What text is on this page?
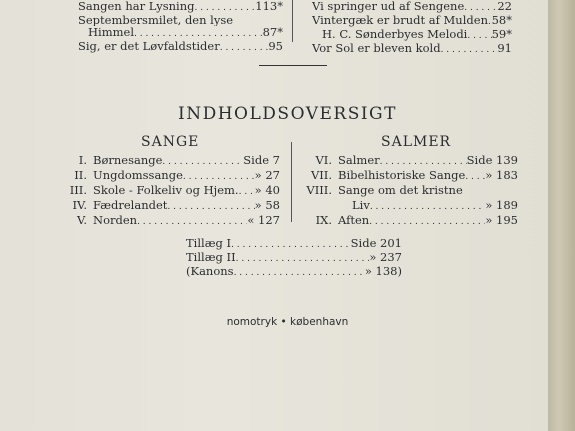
Sangen har Lysning . . .	113*
Septembersmilet, den lyse
Himmel . . .	87*
Sig, er det Løvfaldstider . . .	95
Vi springer ud af Sengene . . .	22
Vintergæk er brudt af Mulden . . . 58*
H. C. Sønderbyes Melodi . . . 59*
Vor Sol er bleven kold . . .	91
INDHOLDSOVERSIGT
SANGE	SALMER
I. Børnesange . . .	Side 7
II. Ungdomssange . . .	» 27
III. Skole - Folkeliv og Hjem. . . . » 40
IV. Fædrelandet . . .	» 58
V. Norden . . .	« 127
VI. Salmer . . .	Side 139
VII. Bibelhistoriske Sange . . . » 183
VIII. Sange om det kristne
Liv . . .	» 189
IX. Aften . . .	» 195
Tillæg I . . .	Side 201
Tillæg II . . .	» 237
(Kanons . . .	» 138)
nomotryk • københavn
